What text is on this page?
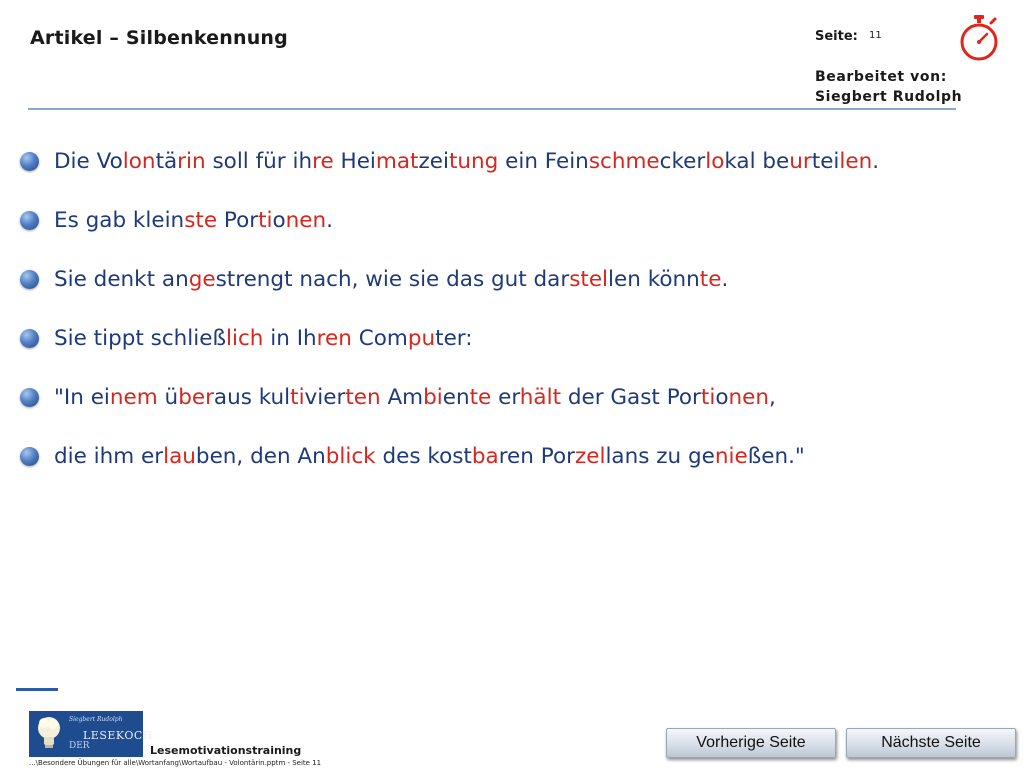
Artikel – Silbenkennung	Seite: 11
Bearbeitet von:
Siegbert Rudolph
Die Volontärin soll für ihre Heimatzeitung ein Feinschmeckerlokal beurteilen.
Es gab kleinste Portionen.
Sie denkt angestrengt nach, wie sie das gut darstellen könnte.
Sie tippt schließlich in Ihren Computer:
"In einem überaus kultivierten Ambiente erhält der Gast Portionen,
die ihm erlauben, den Anblick des kostbaren Porzellans zu genießen."
Siegbert Rudolph
DER
LESEKOCH
Lesemotivationstraining
...\Besondere Übungen für alle\Wortanfang\Wortaufbau - Volontärin.pptm - Seite 11
Vorherige Seite	Nächste Seite
